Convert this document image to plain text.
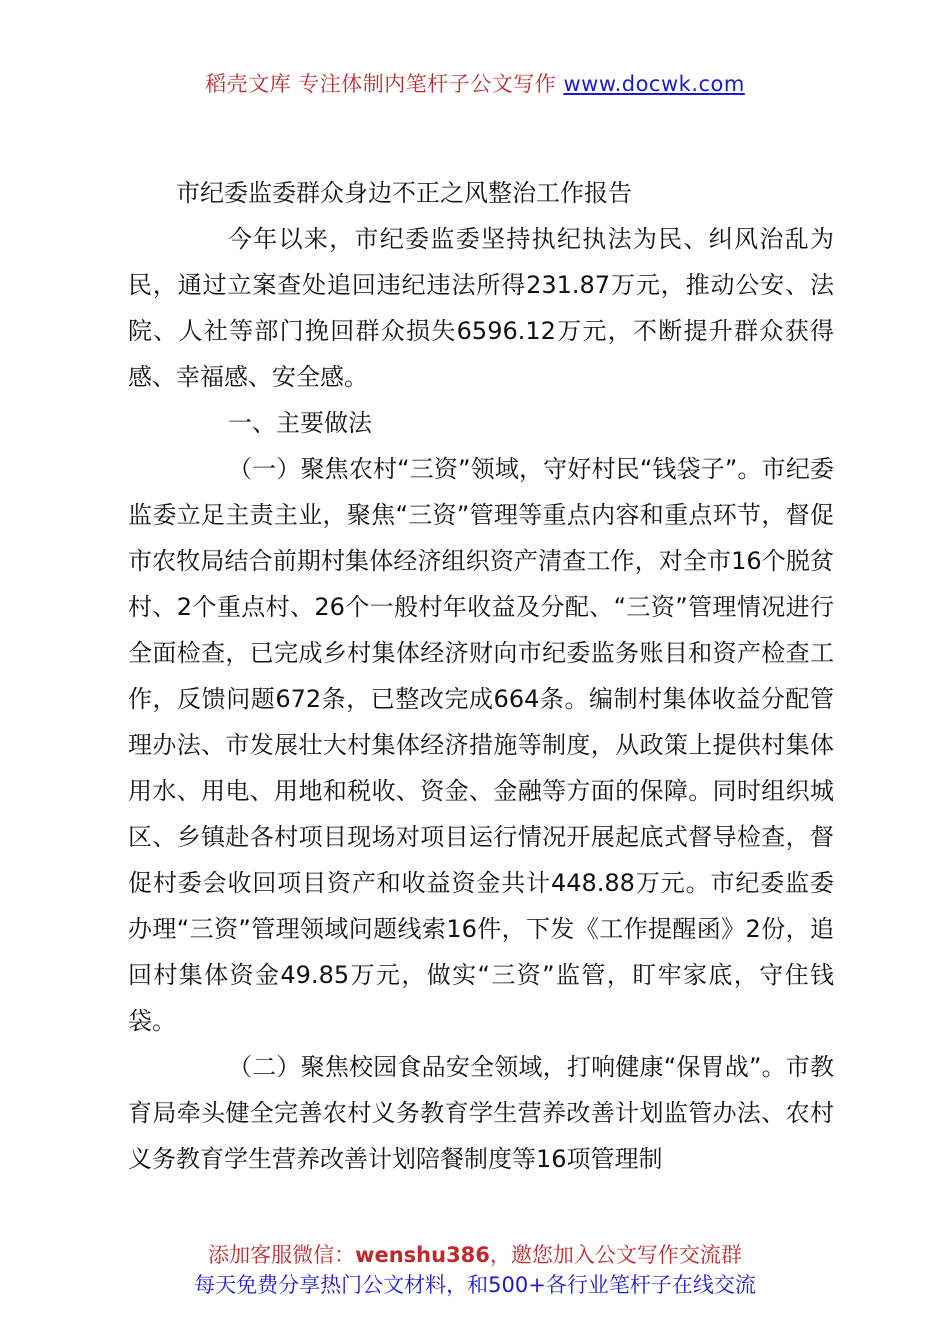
稻壳文库 专注体制内笔杆子公文写作 www.docwk.com

市纪委监委群众身边不正之风整治工作报告

今年以来，市纪委监委坚持执纪执法为民、纠风治乱为民，通过立案查处追回违纪违法所得231.87万元，推动公安、法院、人社等部门挽回群众损失6596.12万元，不断提升群众获得感、幸福感、安全感。

一、主要做法

（一）聚焦农村“三资”领域，守好村民“钱袋子”。市纪委监委立足主责主业，聚焦“三资”管理等重点内容和重点环节，督促市农牧局结合前期村集体经济组织资产清查工作，对全市16个脱贫村、2个重点村、26个一般村年收益及分配、“三资”管理情况进行全面检查，已完成乡村集体经济财向市纪委监务账目和资产检查工作，反馈问题672条，已整改完成664条。编制村集体收益分配管理办法、市发展壮大村集体经济措施等制度，从政策上提供村集体用水、用电、用地和税收、资金、金融等方面的保障。同时组织城区、乡镇赴各村项目现场对项目运行情况开展起底式督导检查，督促村委会收回项目资产和收益资金共计448.88万元。市纪委监委办理“三资”管理领域问题线索16件，下发《工作提醒函》2份，追回村集体资金49.85万元，做实“三资”监管，盯牢家底，守住钱袋。

（二）聚焦校园食品安全领域，打响健康“保胃战”。市教育局牵头健全完善农村义务教育学生营养改善计划监管办法、农村义务教育学生营养改善计划陪餐制度等16项管理制

添加客服微信：wenshu386，邀您加入公文写作交流群
每天免费分享热门公文材料，和500+各行业笔杆子在线交流
